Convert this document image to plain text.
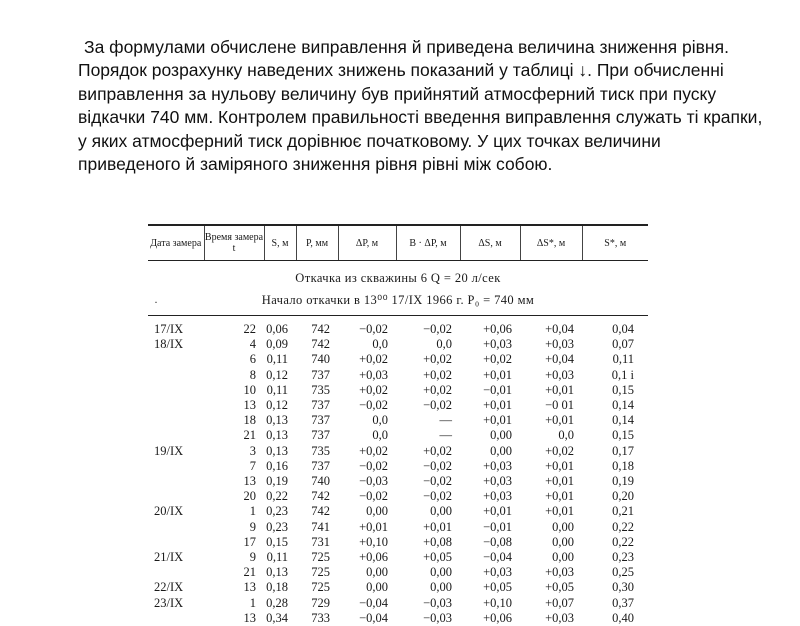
За формулами обчислене виправлення й приведена величина зниження рівня. Порядок розрахунку наведених знижень показаний у таблиці ↓. При обчисленні виправлення за нульову величину був прийнятий атмосферний тиск при пуску відкачки 740 мм. Контролем правильності введення виправлення служать ті крапки, у яких атмосферний тиск дорівнює початковому. У цих точках величини приведеного й заміряного зниження рівня рівні між собою.

Дата замера	Время замера t	S, м	P, мм	ΔP, м	B · ΔP, м	ΔS, м	ΔS*, м	S*, м
Откачка из скважины 6 Q = 20 л/сек
Начало откачки в 13⁰⁰ 17/IX 1966 г. P₀ = 740 мм
·
17/IX	22	0,06	742	−0,02	−0,02	+0,06	+0,04	0,04
18/IX	4	0,09	742	0,0	0,0	+0,03	+0,03	0,07
	6	0,11	740	+0,02	+0,02	+0,02	+0,04	0,11
	8	0,12	737	+0,03	+0,02	+0,01	+0,03	0,1 i
	10	0,11	735	+0,02	+0,02	−0,01	+0,01	0,15
	13	0,12	737	−0,02	−0,02	+0,01	−0 01	0,14
	18	0,13	737	0,0	—	+0,01	+0,01	0,14
	21	0,13	737	0,0	—	0,00	0,0	0,15
19/IX	3	0,13	735	+0,02	+0,02	0,00	+0,02	0,17
	7	0,16	737	−0,02	−0,02	+0,03	+0,01	0,18
	13	0,19	740	−0,03	−0,02	+0,03	+0,01	0,19
	20	0,22	742	−0,02	−0,02	+0,03	+0,01	0,20
20/IX	1	0,23	742	0,00	0,00	+0,01	+0,01	0,21
	9	0,23	741	+0,01	+0,01	−0,01	0,00	0,22
	17	0,15	731	+0,10	+0,08	−0,08	0,00	0,22
21/IX	9	0,11	725	+0,06	+0,05	−0,04	0,00	0,23
	21	0,13	725	0,00	0,00	+0,03	+0,03	0,25
22/IX	13	0,18	725	0,00	0,00	+0,05	+0,05	0,30
23/IX	1	0,28	729	−0,04	−0,03	+0,10	+0,07	0,37
	13	0,34	733	−0,04	−0,03	+0,06	+0,03	0,40
